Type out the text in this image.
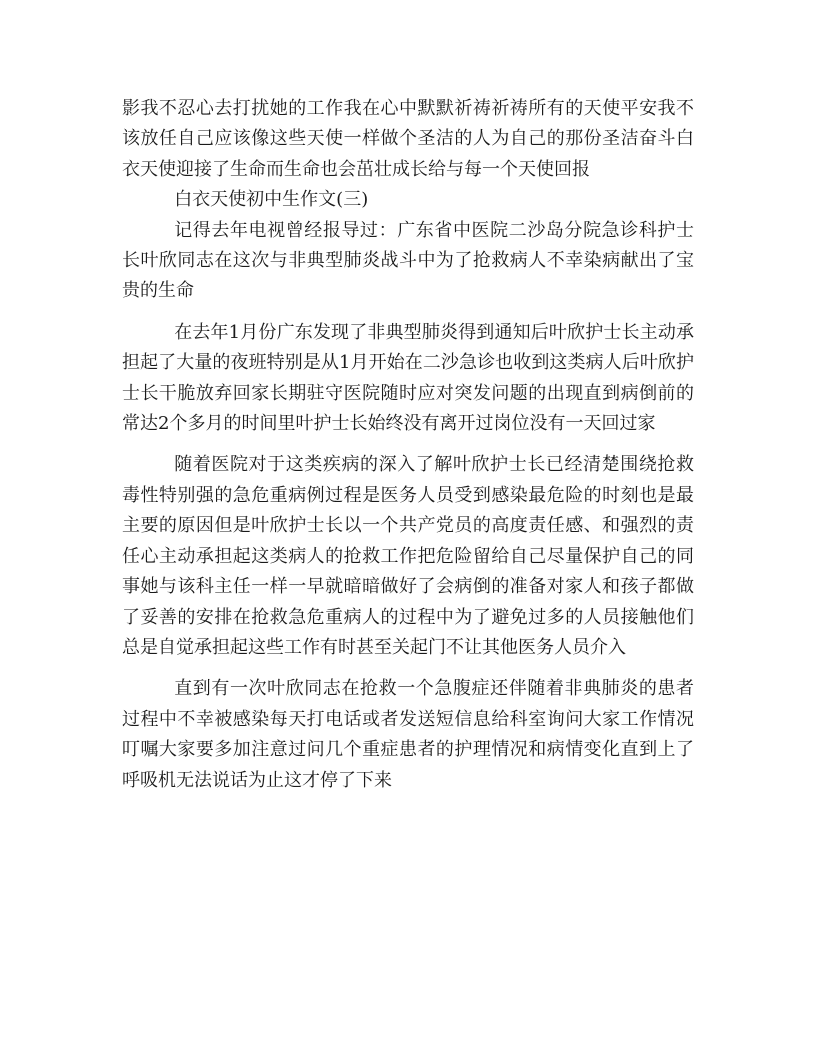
影我不忍心去打扰她的工作我在心中默默祈祷祈祷所有的天使平安我不该放任自己应该像这些天使一样做个圣洁的人为自己的那份圣洁奋斗白衣天使迎接了生命而生命也会茁壮成长给与每一个天使回报

白衣天使初中生作文(三)

记得去年电视曾经报导过：广东省中医院二沙岛分院急诊科护士长叶欣同志在这次与非典型肺炎战斗中为了抢救病人不幸染病献出了宝贵的生命

在去年1月份广东发现了非典型肺炎得到通知后叶欣护士长主动承担起了大量的夜班特别是从1月开始在二沙急诊也收到这类病人后叶欣护士长干脆放弃回家长期驻守医院随时应对突发问题的出现直到病倒前的常达2个多月的时间里叶护士长始终没有离开过岗位没有一天回过家

随着医院对于这类疾病的深入了解叶欣护士长已经清楚围绕抢救毒性特别强的急危重病例过程是医务人员受到感染最危险的时刻也是最主要的原因但是叶欣护士长以一个共产党员的高度责任感、和强烈的责任心主动承担起这类病人的抢救工作把危险留给自己尽量保护自己的同事她与该科主任一样一早就暗暗做好了会病倒的准备对家人和孩子都做了妥善的安排在抢救急危重病人的过程中为了避免过多的人员接触他们总是自觉承担起这些工作有时甚至关起门不让其他医务人员介入

直到有一次叶欣同志在抢救一个急腹症还伴随着非典肺炎的患者过程中不幸被感染每天打电话或者发送短信息给科室询问大家工作情况叮嘱大家要多加注意过问几个重症患者的护理情况和病情变化直到上了呼吸机无法说话为止这才停了下来
